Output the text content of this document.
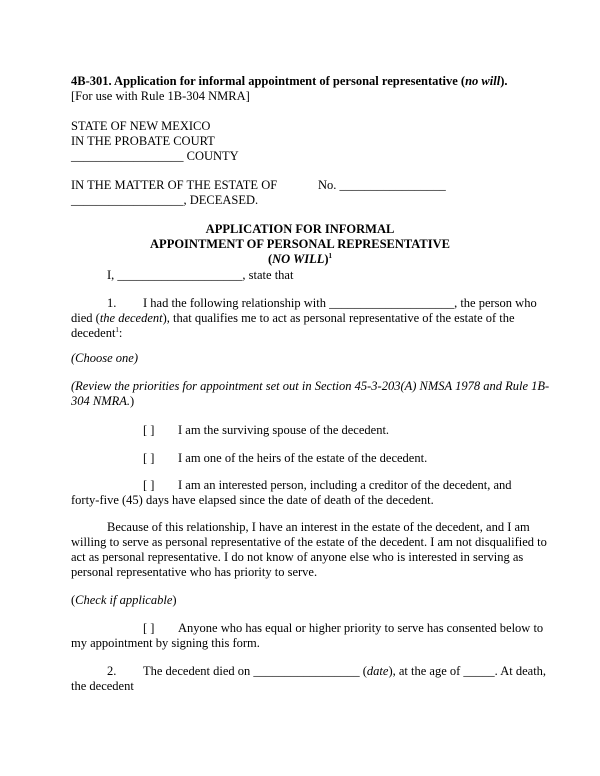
4B-301. Application for informal appointment of personal representative (no will).
[For use with Rule 1B-304 NMRA]
STATE OF NEW MEXICO
IN THE PROBATE COURT
__________________ COUNTY
IN THE MATTER OF THE ESTATE OF	No. _________________
__________________, DECEASED.
APPLICATION FOR INFORMAL
APPOINTMENT OF PERSONAL REPRESENTATIVE
(NO WILL)$^1$
I, ____________________, state that
1. I had the following relationship with ____________________, the person who
died (the decedent), that qualifies me to act as personal representative of the estate of the
decedent$^1$:
(Choose one)
(Review the priorities for appointment set out in Section 45-3-203(A) NMSA 1978 and Rule 1B-
304 NMRA.)
[ ] I am the surviving spouse of the decedent.
[ ] I am one of the heirs of the estate of the decedent.
[ ] I am an interested person, including a creditor of the decedent, and
forty-five (45) days have elapsed since the date of death of the decedent.
Because of this relationship, I have an interest in the estate of the decedent, and I am
willing to serve as personal representative of the estate of the decedent. I am not disqualified to
act as personal representative. I do not know of anyone else who is interested in serving as
personal representative who has priority to serve.
(Check if applicable)
[ ] Anyone who has equal or higher priority to serve has consented below to
my appointment by signing this form.
2. The decedent died on _________________ (date), at the age of _____. At death,
the decedent
